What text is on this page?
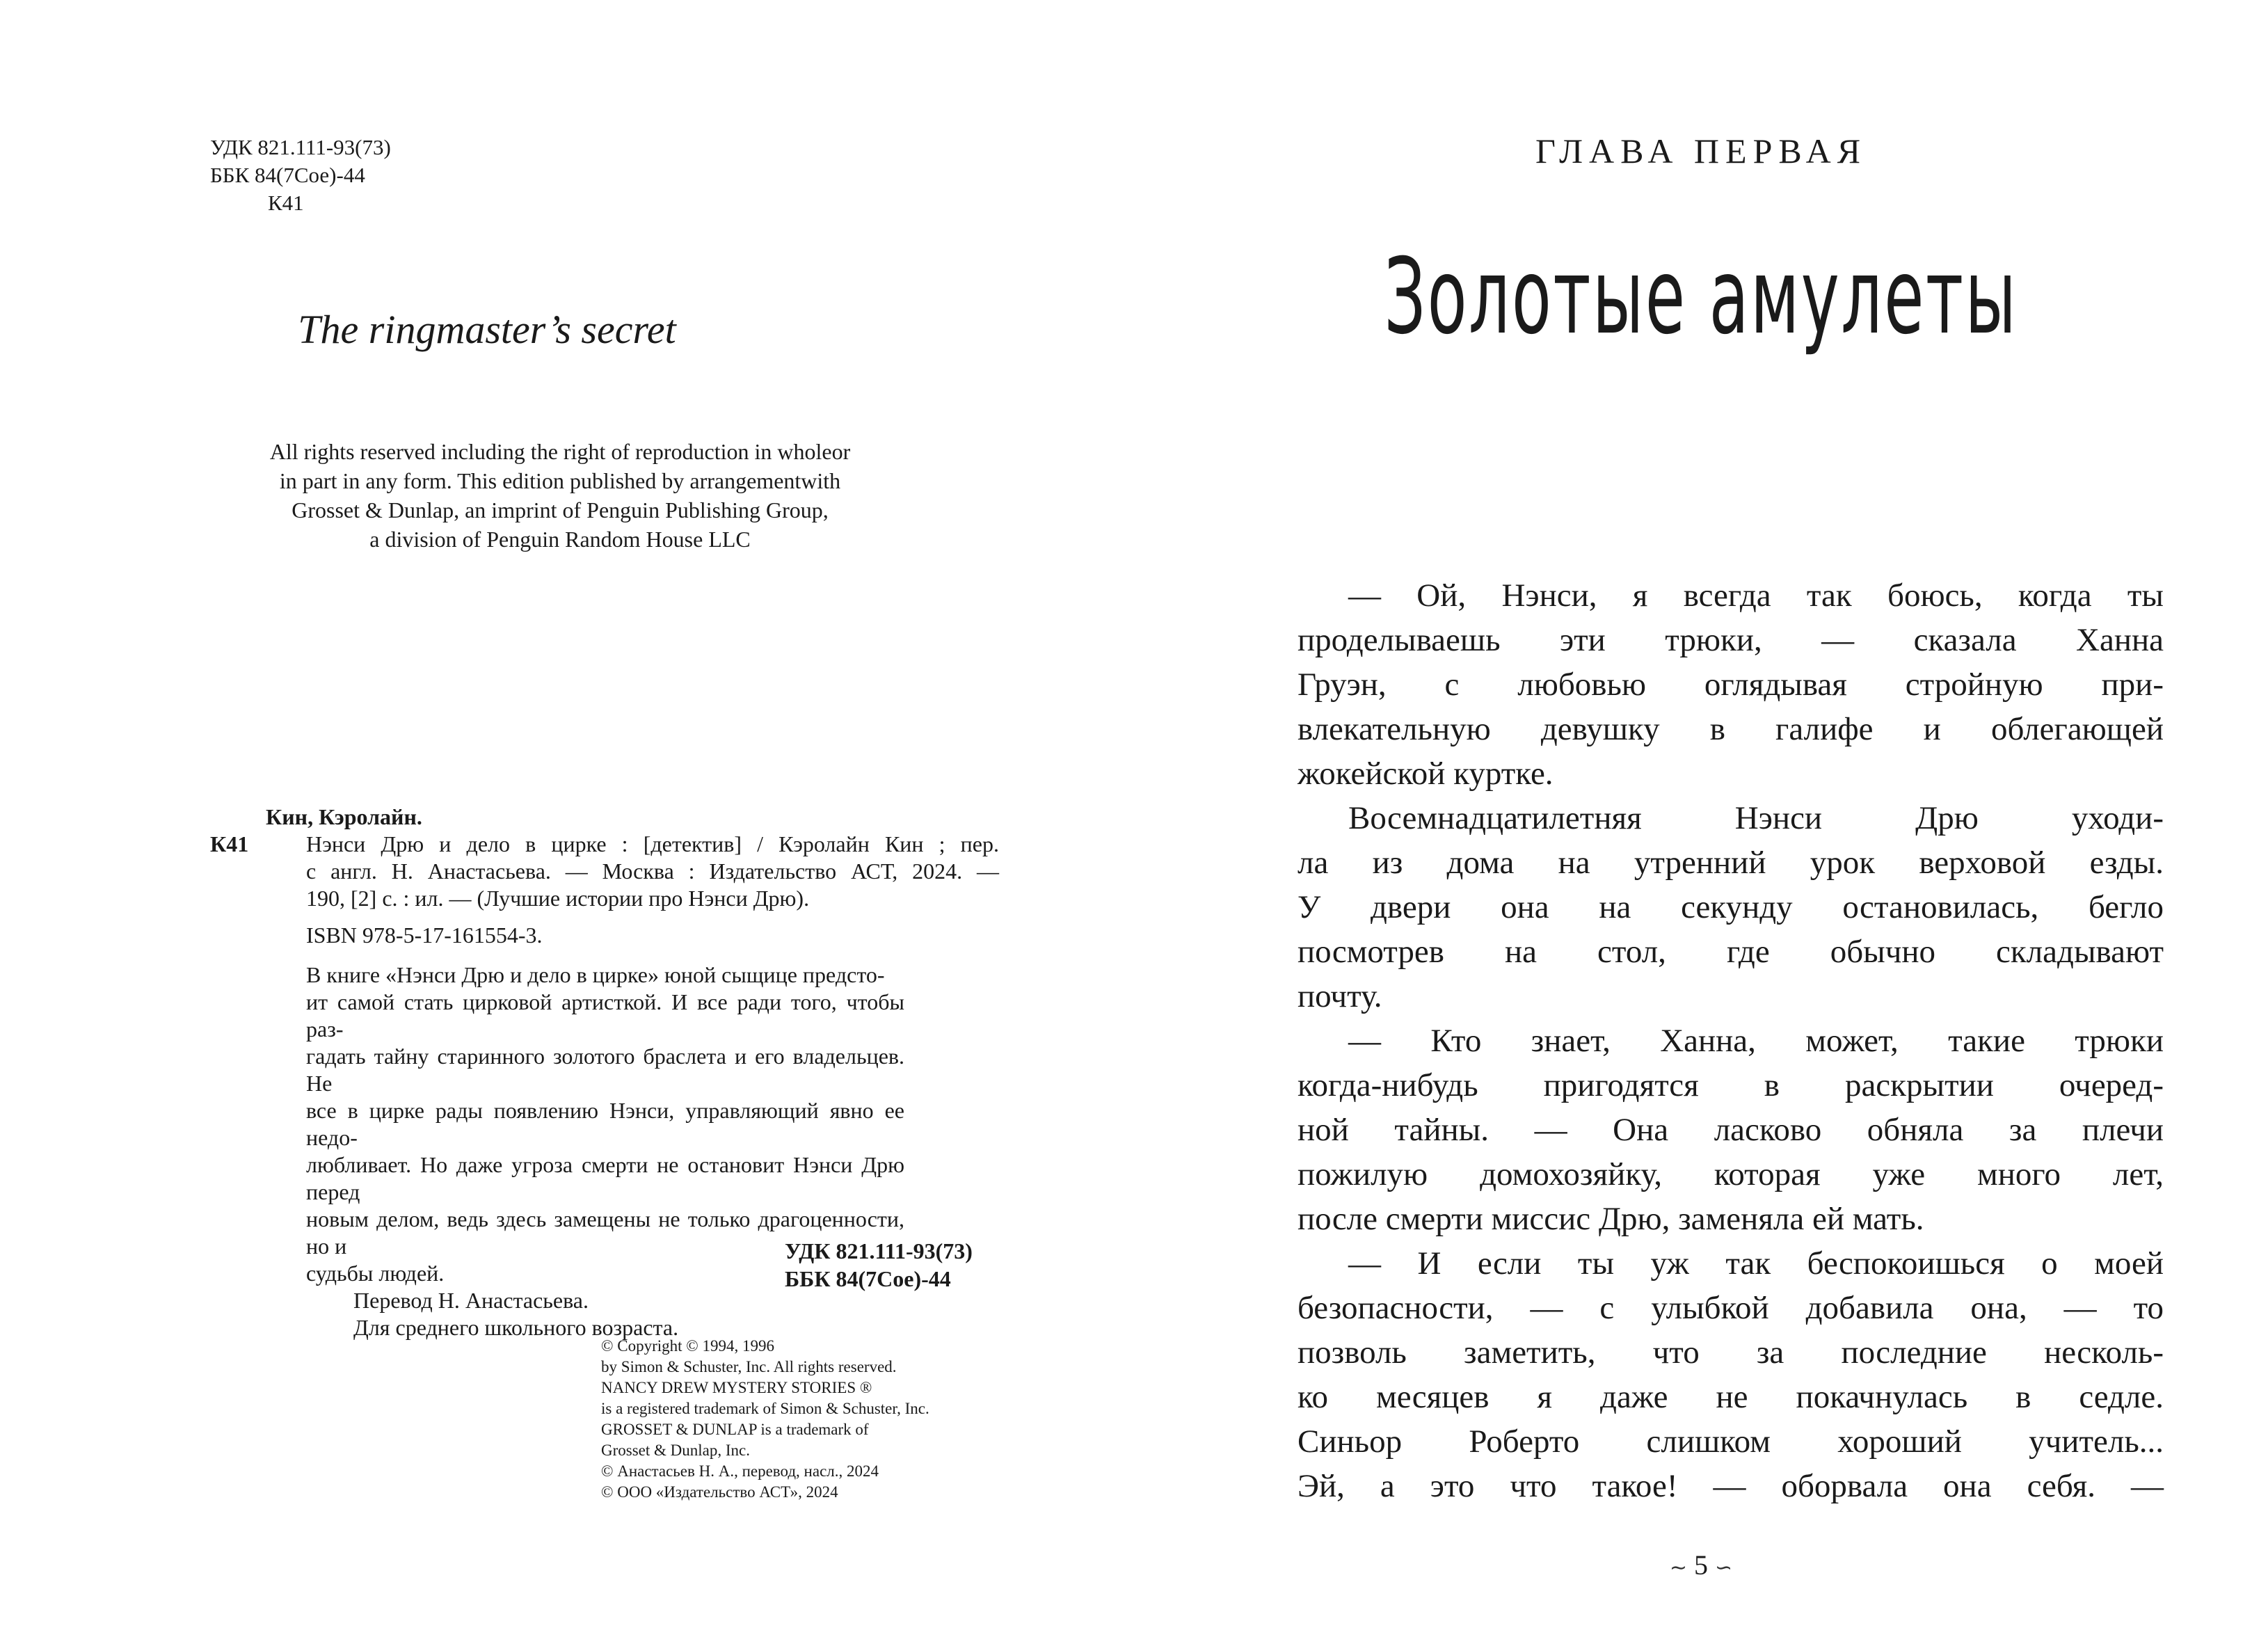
УДК 821.111-93(73)
ББК 84(7Сое)-44
К41
The ringmaster’s secret
All rights reserved including the right of reproduction in wholeor
in part in any form. This edition published by arrangementwith
Grosset & Dunlap, an imprint of Penguin Publishing Group,
a division of Penguin Random House LLC
Кин, Кэролайн.
К41	Нэнси Дрю и дело в цирке : [детектив] / Кэролайн Кин ; пер.
с англ. Н. Анастасьева. — Москва : Издательство АСТ, 2024. —
190, [2] с. : ил. — (Лучшие истории про Нэнси Дрю).
ISBN 978-5-17-161554-3.
В книге «Нэнси Дрю и дело в цирке» юной сыщице предсто-
ит самой стать цирковой артисткой. И все ради того, чтобы раз-
гадать тайну старинного золотого браслета и его владельцев. Не
все в цирке рады появлению Нэнси, управляющий явно ее недо-
любливает. Но даже угроза смерти не остановит Нэнси Дрю перед
новым делом, ведь здесь замещены не только драгоценности, но и
судьбы людей.
Перевод Н. Анастасьева.
Для среднего школьного возраста.
УДК 821.111-93(73)
ББК 84(7Сое)-44
© Copyright © 1994, 1996
by Simon & Schuster, Inc. All rights reserved.
NANCY DREW MYSTERY STORIES ®
is a registered trademark of Simon & Schuster, Inc.
GROSSET & DUNLAP is a trademark of
Grosset & Dunlap, Inc.
© Анастасьев Н. А., перевод, насл., 2024
© ООО «Издательство АСТ», 2024
ГЛАВА ПЕРВАЯ
Золотые амулеты
— Ой, Нэнси, я всегда так боюсь, когда ты
проделываешь эти трюки, — сказала Ханна
Груэн, с любовью оглядывая стройную при-
влекательную девушку в галифе и облегающей
жокейской куртке.
Восемнадцатилетняя Нэнси Дрю уходи-
ла из дома на утренний урок верховой езды.
У двери она на секунду остановилась, бегло
посмотрев на стол, где обычно складывают
почту.
— Кто знает, Ханна, может, такие трюки
когда-нибудь пригодятся в раскрытии очеред-
ной тайны. — Она ласково обняла за плечи
пожилую домохозяйку, которая уже много лет,
после смерти миссис Дрю, заменяла ей мать.
— И если ты уж так беспокоишься о моей
безопасности, — с улыбкой добавила она, — то
позволь заметить, что за последние несколь-
ко месяцев я даже не покачнулась в седле.
Синьор Роберто слишком хороший учитель...
Эй, а это что такое! — оборвала она себя. —
∼ 5 ∽
